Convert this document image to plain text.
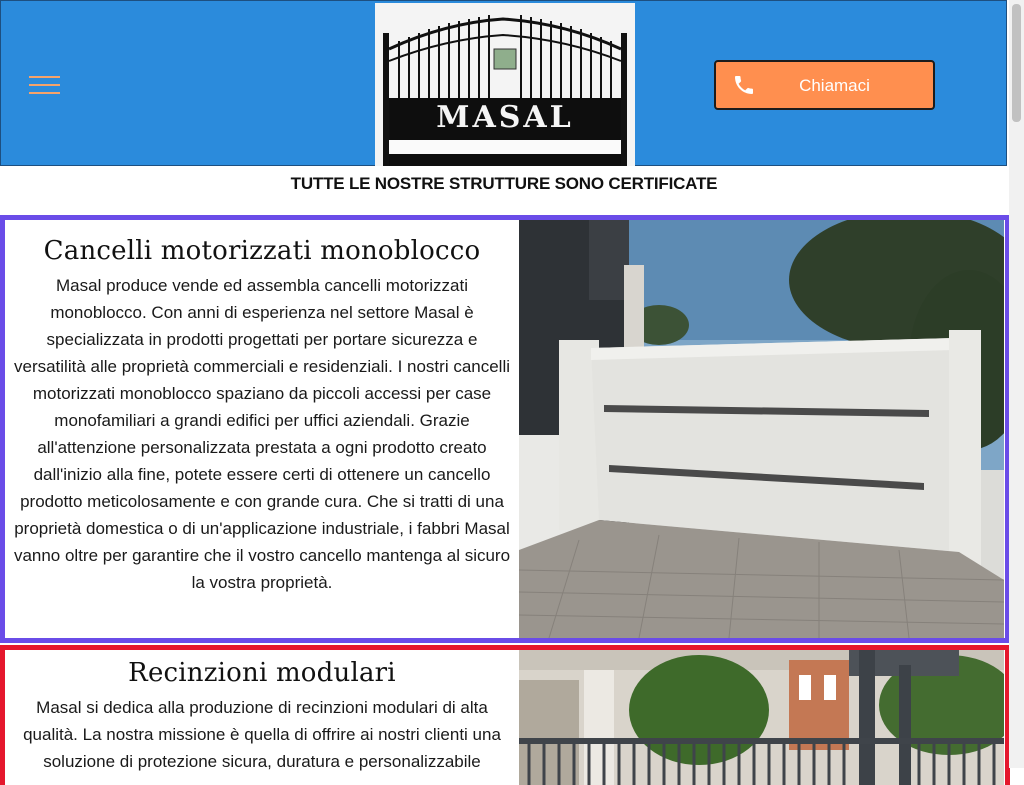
MASAL
Chiamaci
TUTTE LE NOSTRE STRUTTURE SONO CERTIFICATE
Cancelli motorizzati monoblocco

Masal produce vende ed assembla cancelli motorizzati monoblocco. Con anni di esperienza nel settore Masal è specializzata in prodotti progettati per portare sicurezza e versatilità alle proprietà commerciali e residenziali. I nostri cancelli motorizzati monoblocco spaziano da piccoli accessi per case monofamiliari a grandi edifici per uffici aziendali. Grazie all'attenzione personalizzata prestata a ogni prodotto creato dall'inizio alla fine, potete essere certi di ottenere un cancello prodotto meticolosamente e con grande cura. Che si tratti di una proprietà domestica o di un'applicazione industriale, i fabbri Masal vanno oltre per garantire che il vostro cancello mantenga al sicuro la vostra proprietà.

Recinzioni modulari

Masal si dedica alla produzione di recinzioni modulari di alta qualità. La nostra missione è quella di offrire ai nostri clienti una soluzione di protezione sicura, duratura e personalizzabile
